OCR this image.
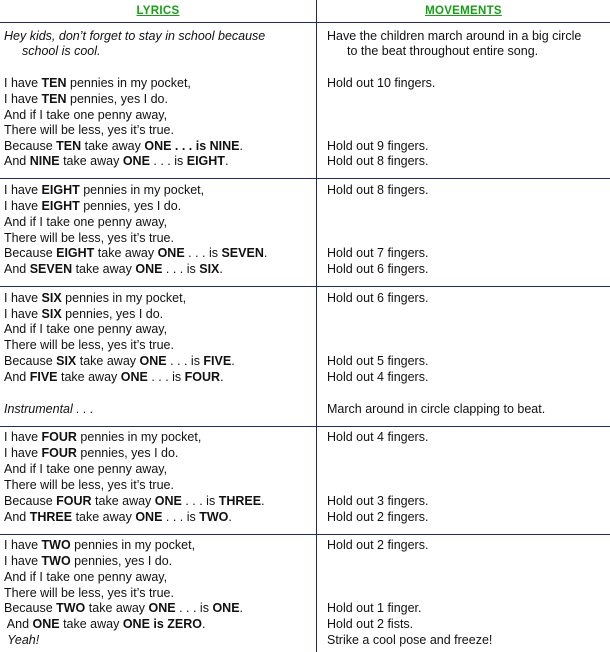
LYRICS	MOVEMENTS
Hey kids, don’t forget to stay in school because
school is cool.
Have the children march around in a big circle
to the beat throughout entire song.
I have TEN pennies in my pocket,
I have TEN pennies, yes I do.
And if I take one penny away,
There will be less, yes it’s true.
Because TEN take away ONE . . . is NINE.
And NINE take away ONE . . . is EIGHT.
Hold out 10 fingers.
Hold out 9 fingers.
Hold out 8 fingers.
I have EIGHT pennies in my pocket,
I have EIGHT pennies, yes I do.
And if I take one penny away,
There will be less, yes it’s true.
Because EIGHT take away ONE . . . is SEVEN.
And SEVEN take away ONE . . . is SIX.
Hold out 8 fingers.
Hold out 7 fingers.
Hold out 6 fingers.
I have SIX pennies in my pocket,
I have SIX pennies, yes I do.
And if I take one penny away,
There will be less, yes it’s true.
Because SIX take away ONE . . . is FIVE.
And FIVE take away ONE . . . is FOUR.
Instrumental . . .
Hold out 6 fingers.
Hold out 5 fingers.
Hold out 4 fingers.
March around in circle clapping to beat.
I have FOUR pennies in my pocket,
I have FOUR pennies, yes I do.
And if I take one penny away,
There will be less, yes it’s true.
Because FOUR take away ONE . . . is THREE.
And THREE take away ONE . . . is TWO.
Hold out 4 fingers.
Hold out 3 fingers.
Hold out 2 fingers.
I have TWO pennies in my pocket,
I have TWO pennies, yes I do.
And if I take one penny away,
There will be less, yes it’s true.
Because TWO take away ONE . . . is ONE.
And ONE take away ONE is ZERO.
Yeah!
Hold out 2 fingers.
Hold out 1 finger.
Hold out 2 fists.
Strike a cool pose and freeze!
